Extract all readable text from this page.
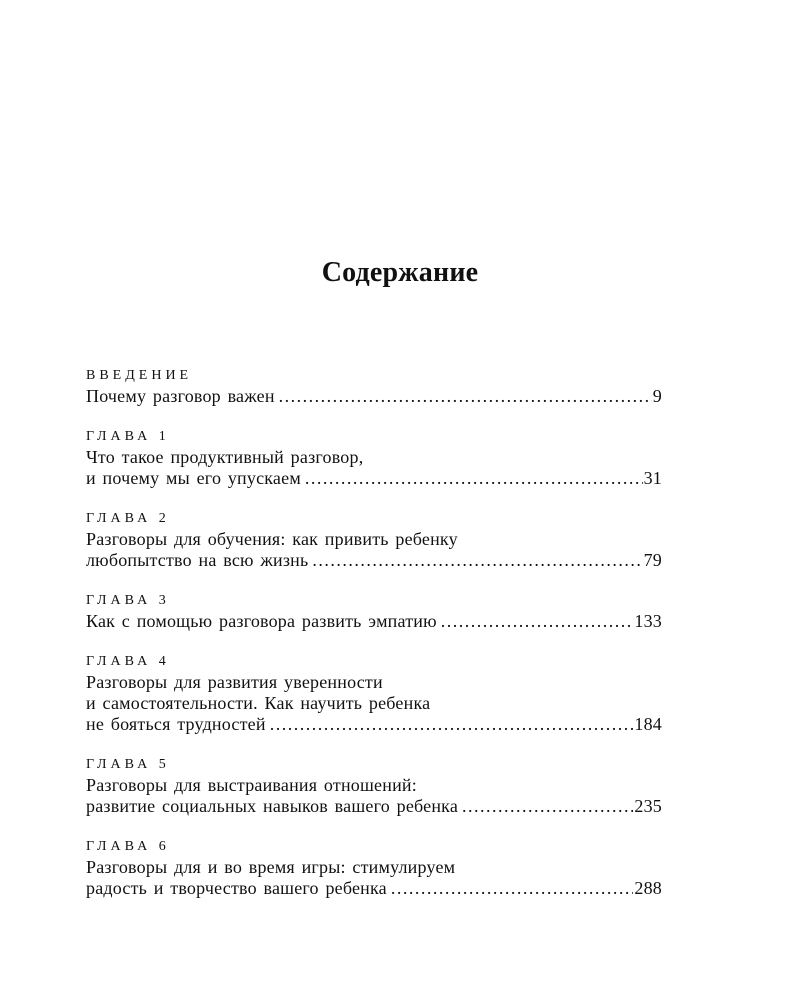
Содержание
ВВЕДЕНИЕ
Почему разговор важен .....	9
ГЛАВА 1
Что такое продуктивный разговор,
и почему мы его упускаем .....	31
ГЛАВА 2
Разговоры для обучения: как привить ребенку
любопытство на всю жизнь .....	79
ГЛАВА 3
Как с помощью разговора развить эмпатию .....	133
ГЛАВА 4
Разговоры для развития уверенности
и самостоятельности. Как научить ребенка
не бояться трудностей .....	184
ГЛАВА 5
Разговоры для выстраивания отношений:
развитие социальных навыков вашего ребенка .....	235
ГЛАВА 6
Разговоры для и во время игры: стимулируем
радость и творчество вашего ребенка .....	288
